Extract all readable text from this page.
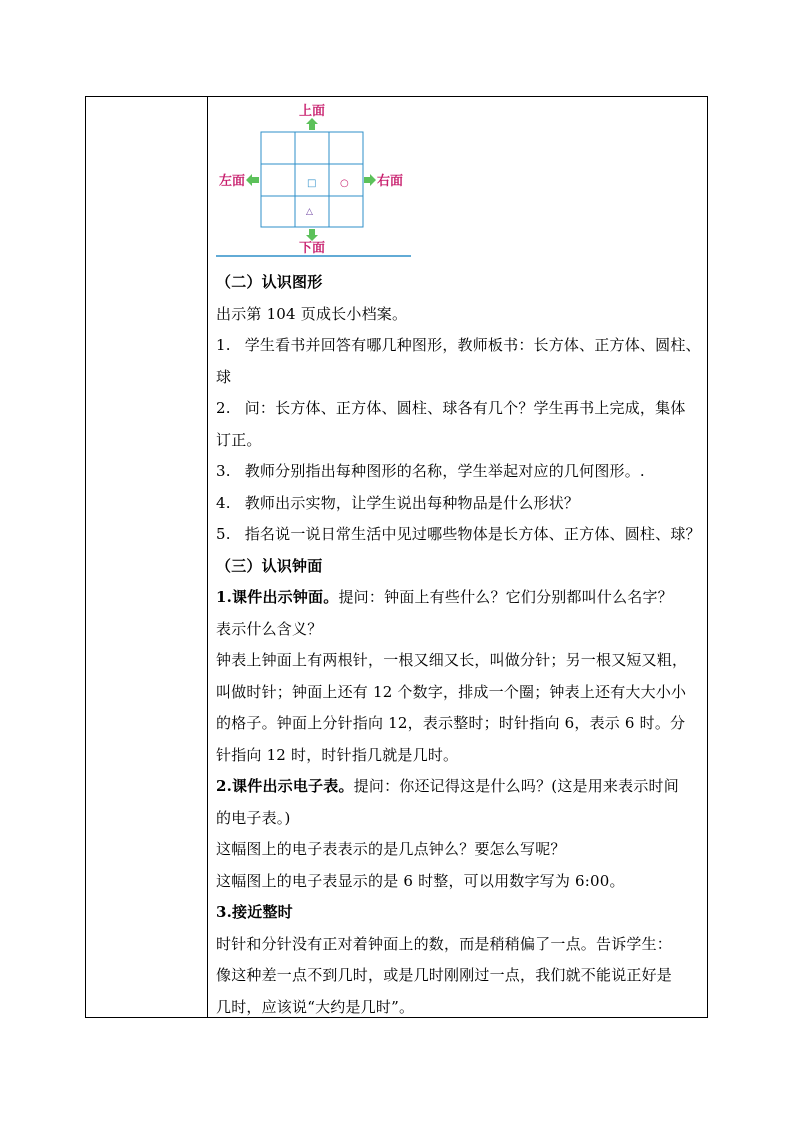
□ ○
△
上面
下面
左面	右面
（二）认识图形
出示第 104 页成长小档案。
1. 学生看书并回答有哪几种图形，教师板书：长方体、正方体、圆柱、
球
2. 问：长方体、正方体、圆柱、球各有几个？学生再书上完成，集体
订正。
3. 教师分别指出每种图形的名称，学生举起对应的几何图形。.
4. 教师出示实物，让学生说出每种物品是什么形状？
5. 指名说一说日常生活中见过哪些物体是长方体、正方体、圆柱、球？
（三）认识钟面
1.课件出示钟面。提问：钟面上有些什么？它们分别都叫什么名字？
表示什么含义？
钟表上钟面上有两根针，一根又细又长，叫做分针；另一根又短又粗，
叫做时针；钟面上还有 12 个数字，排成一个圈；钟表上还有大大小小
的格子。钟面上分针指向 12，表示整时；时针指向 6，表示 6 时。分
针指向 12 时，时针指几就是几时。
2.课件出示电子表。提问：你还记得这是什么吗？(这是用来表示时间
的电子表。)
这幅图上的电子表表示的是几点钟么？要怎么写呢？
这幅图上的电子表显示的是 6 时整，可以用数字写为 6:00。
3.接近整时
时针和分针没有正对着钟面上的数，而是稍稍偏了一点。告诉学生：
像这种差一点不到几时，或是几时刚刚过一点，我们就不能说正好是
几时，应该说“大约是几时”。
